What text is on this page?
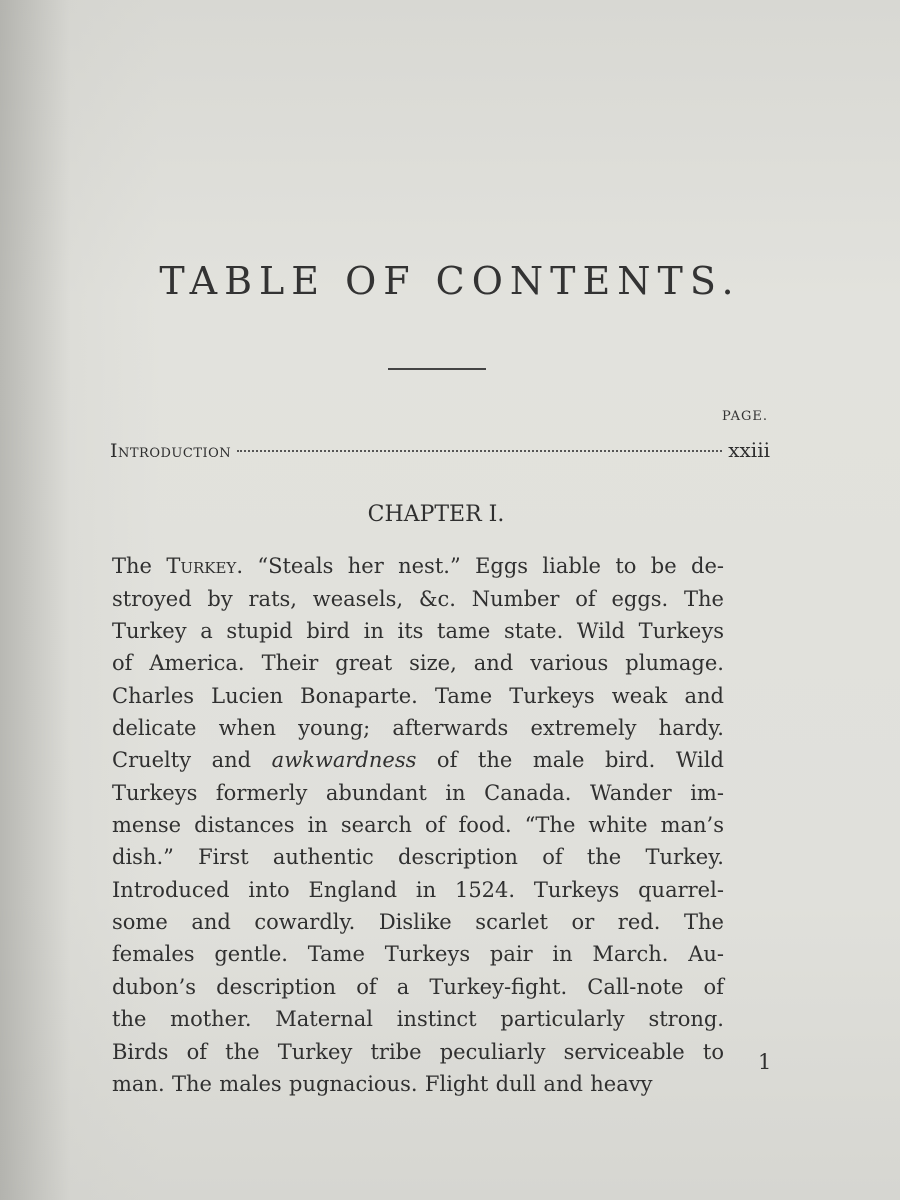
TABLE OF CONTENTS.
PAGE.
Introduction	xxiii
CHAPTER I.
The Turkey. “Steals her nest.” Eggs liable to be de-
stroyed by rats, weasels, &c. Number of eggs. The
Turkey a stupid bird in its tame state. Wild Turkeys
of America. Their great size, and various plumage.
Charles Lucien Bonaparte. Tame Turkeys weak and
delicate when young; afterwards extremely hardy.
Cruelty and awkwardness of the male bird. Wild
Turkeys formerly abundant in Canada. Wander im-
mense distances in search of food. “The white man’s
dish.” First authentic description of the Turkey.
Introduced into England in 1524. Turkeys quarrel-
some and cowardly. Dislike scarlet or red. The
females gentle. Tame Turkeys pair in March. Au-
dubon’s description of a Turkey-fight. Call-note of
the mother. Maternal instinct particularly strong.
Birds of the Turkey tribe peculiarly serviceable to
man. The males pugnacious. Flight dull and heavy
1
